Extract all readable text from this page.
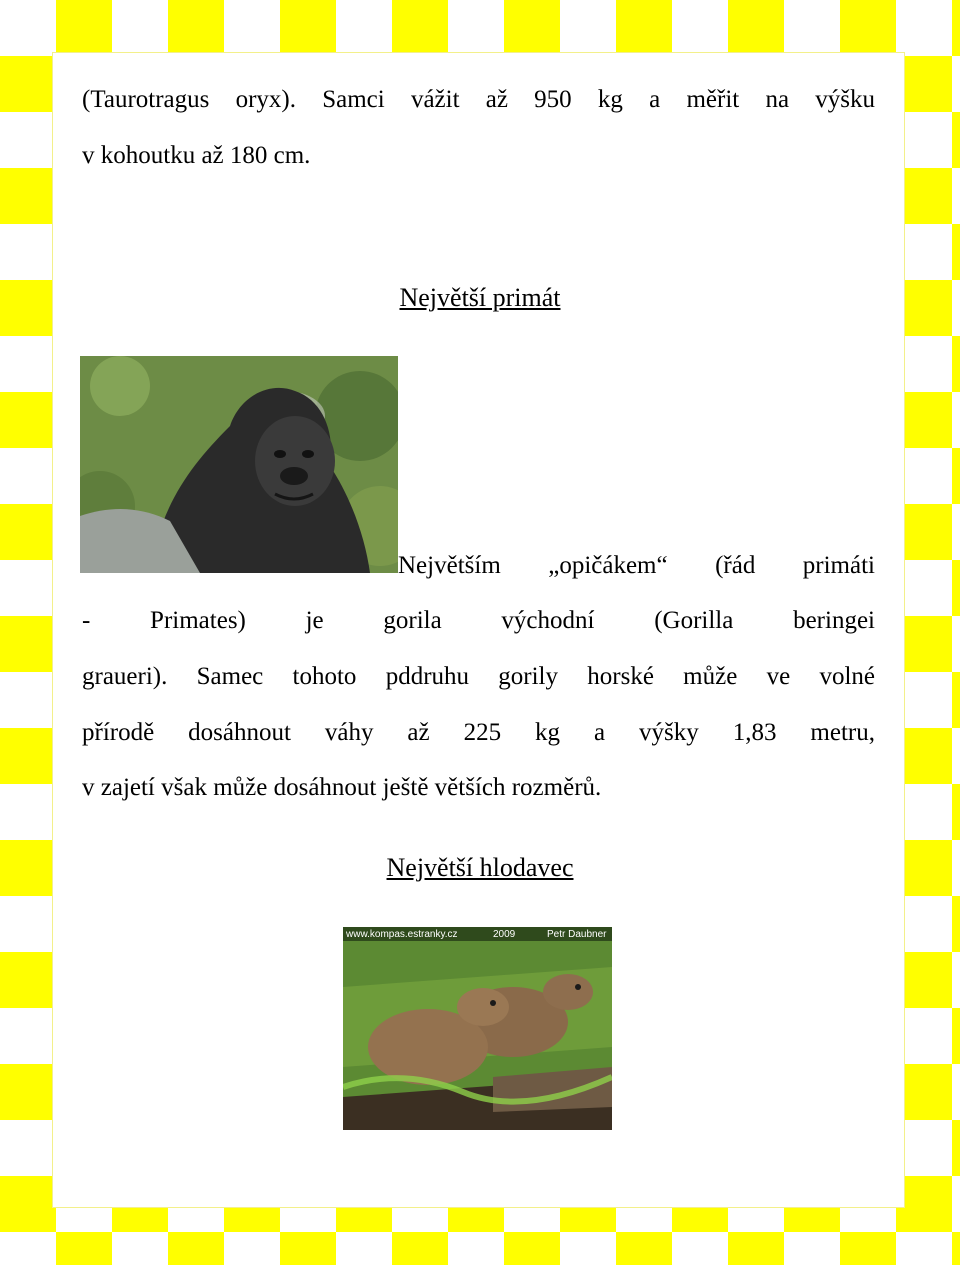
(Taurotragus oryx). Samci vážit až 950 kg a měřit na výšku

v kohoutku až 180 cm.

Největší primát

Největším „opičákem“ (řád primáti

- Primates) je gorila východní (Gorilla beringei

graueri). Samec tohoto pddruhu gorily horské může ve volné

přírodě dosáhnout váhy až 225 kg a výšky 1,83 metru,

v zajetí však může dosáhnout ještě větších rozměrů.

Největší hlodavec

www.kompas.estranky.cz	2009	Petr Daubner
